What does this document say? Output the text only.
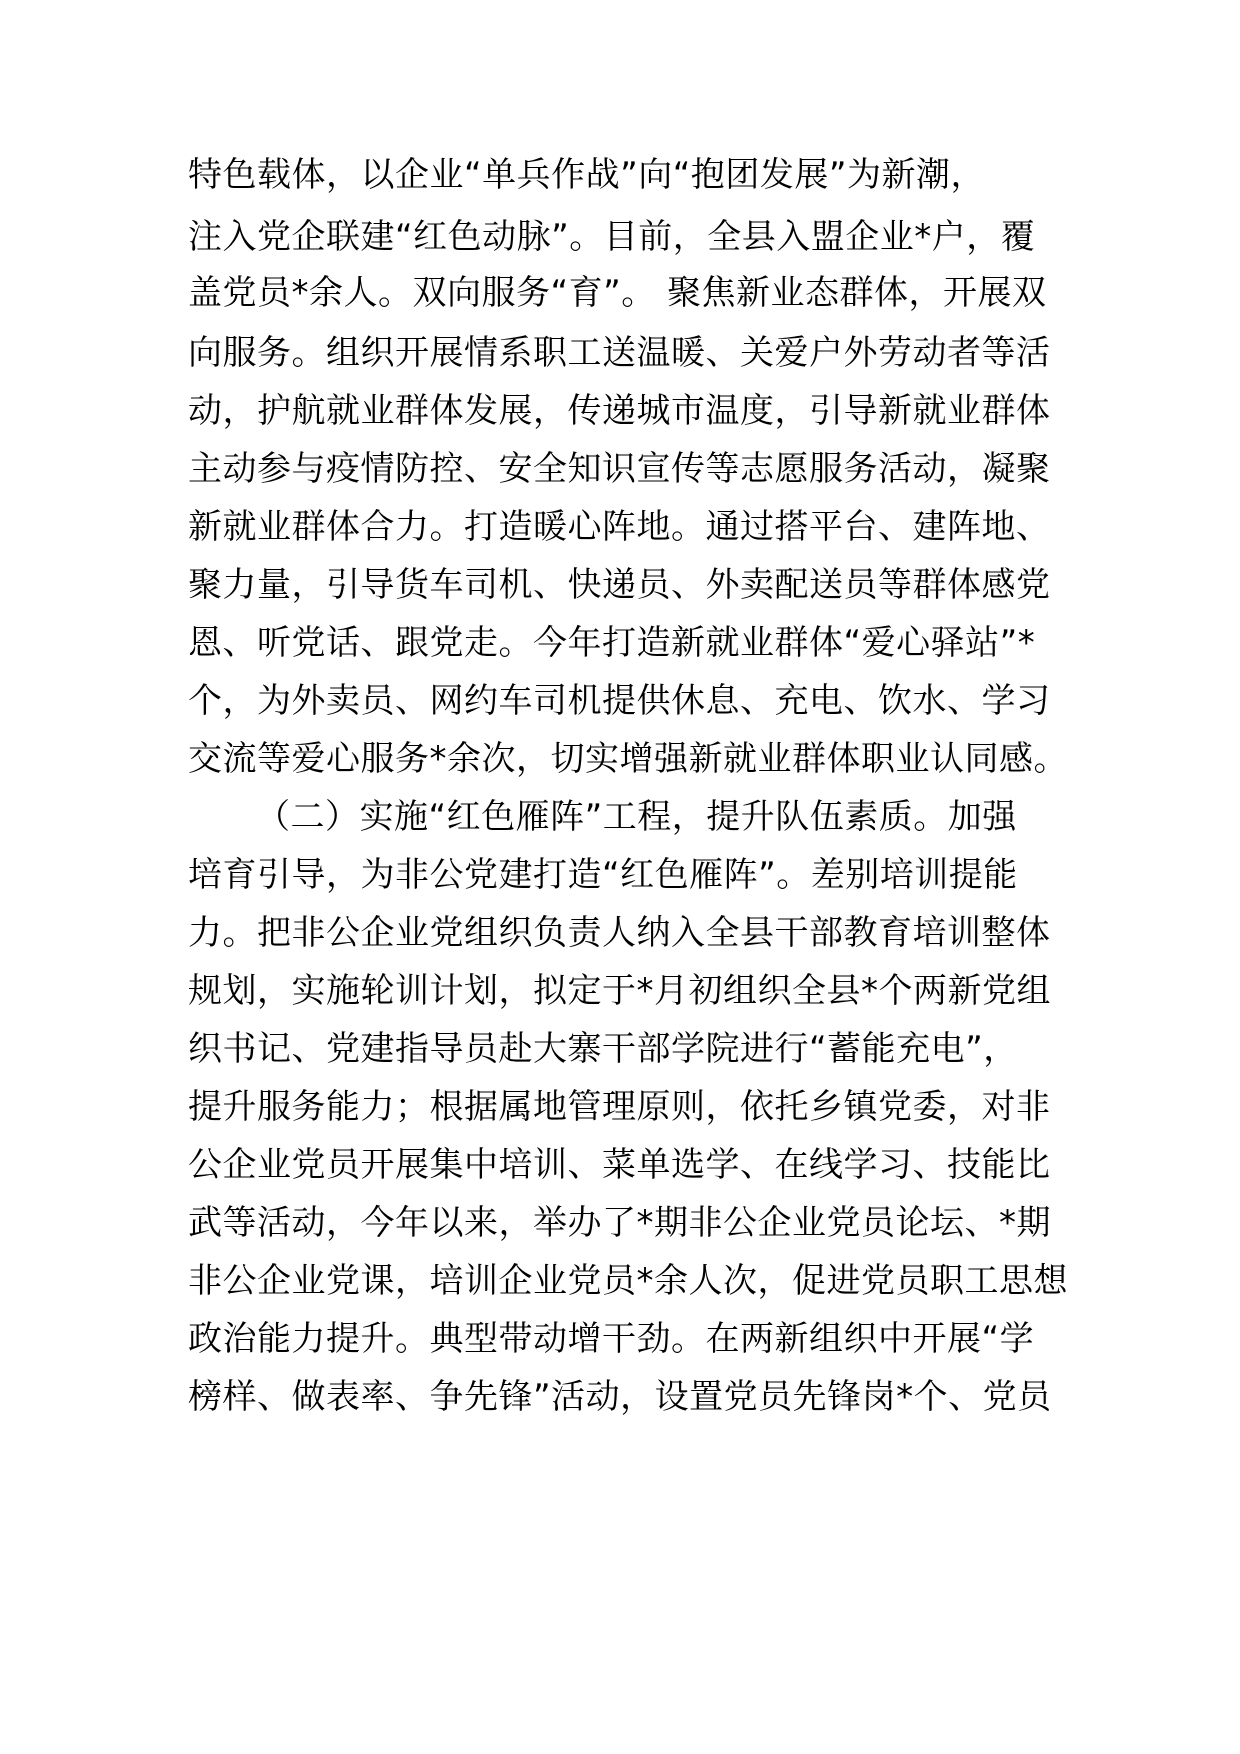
特色载体，以企业“单兵作战”向“抱团发展”为新潮，
注入党企联建“红色动脉”。目前，全县入盟企业*户，覆
盖党员*余人。双向服务“育”。 聚焦新业态群体，开展双
向服务。组织开展情系职工送温暖、关爱户外劳动者等活
动，护航就业群体发展，传递城市温度，引导新就业群体
主动参与疫情防控、安全知识宣传等志愿服务活动，凝聚
新就业群体合力。打造暖心阵地。通过搭平台、建阵地、
聚力量，引导货车司机、快递员、外卖配送员等群体感党
恩、听党话、跟党走。今年打造新就业群体“爱心驿站”*
个，为外卖员、网约车司机提供休息、充电、饮水、学习
交流等爱心服务*余次，切实增强新就业群体职业认同感。
（二）实施“红色雁阵”工程，提升队伍素质。加强
培育引导，为非公党建打造“红色雁阵”。差别培训提能
力。把非公企业党组织负责人纳入全县干部教育培训整体
规划，实施轮训计划，拟定于*月初组织全县*个两新党组
织书记、党建指导员赴大寨干部学院进行“蓄能充电”，
提升服务能力；根据属地管理原则，依托乡镇党委，对非
公企业党员开展集中培训、菜单选学、在线学习、技能比
武等活动，今年以来，举办了*期非公企业党员论坛、*期
非公企业党课，培训企业党员*余人次，促进党员职工思想
政治能力提升。典型带动增干劲。在两新组织中开展“学
榜样、做表率、争先锋”活动，设置党员先锋岗*个、党员
